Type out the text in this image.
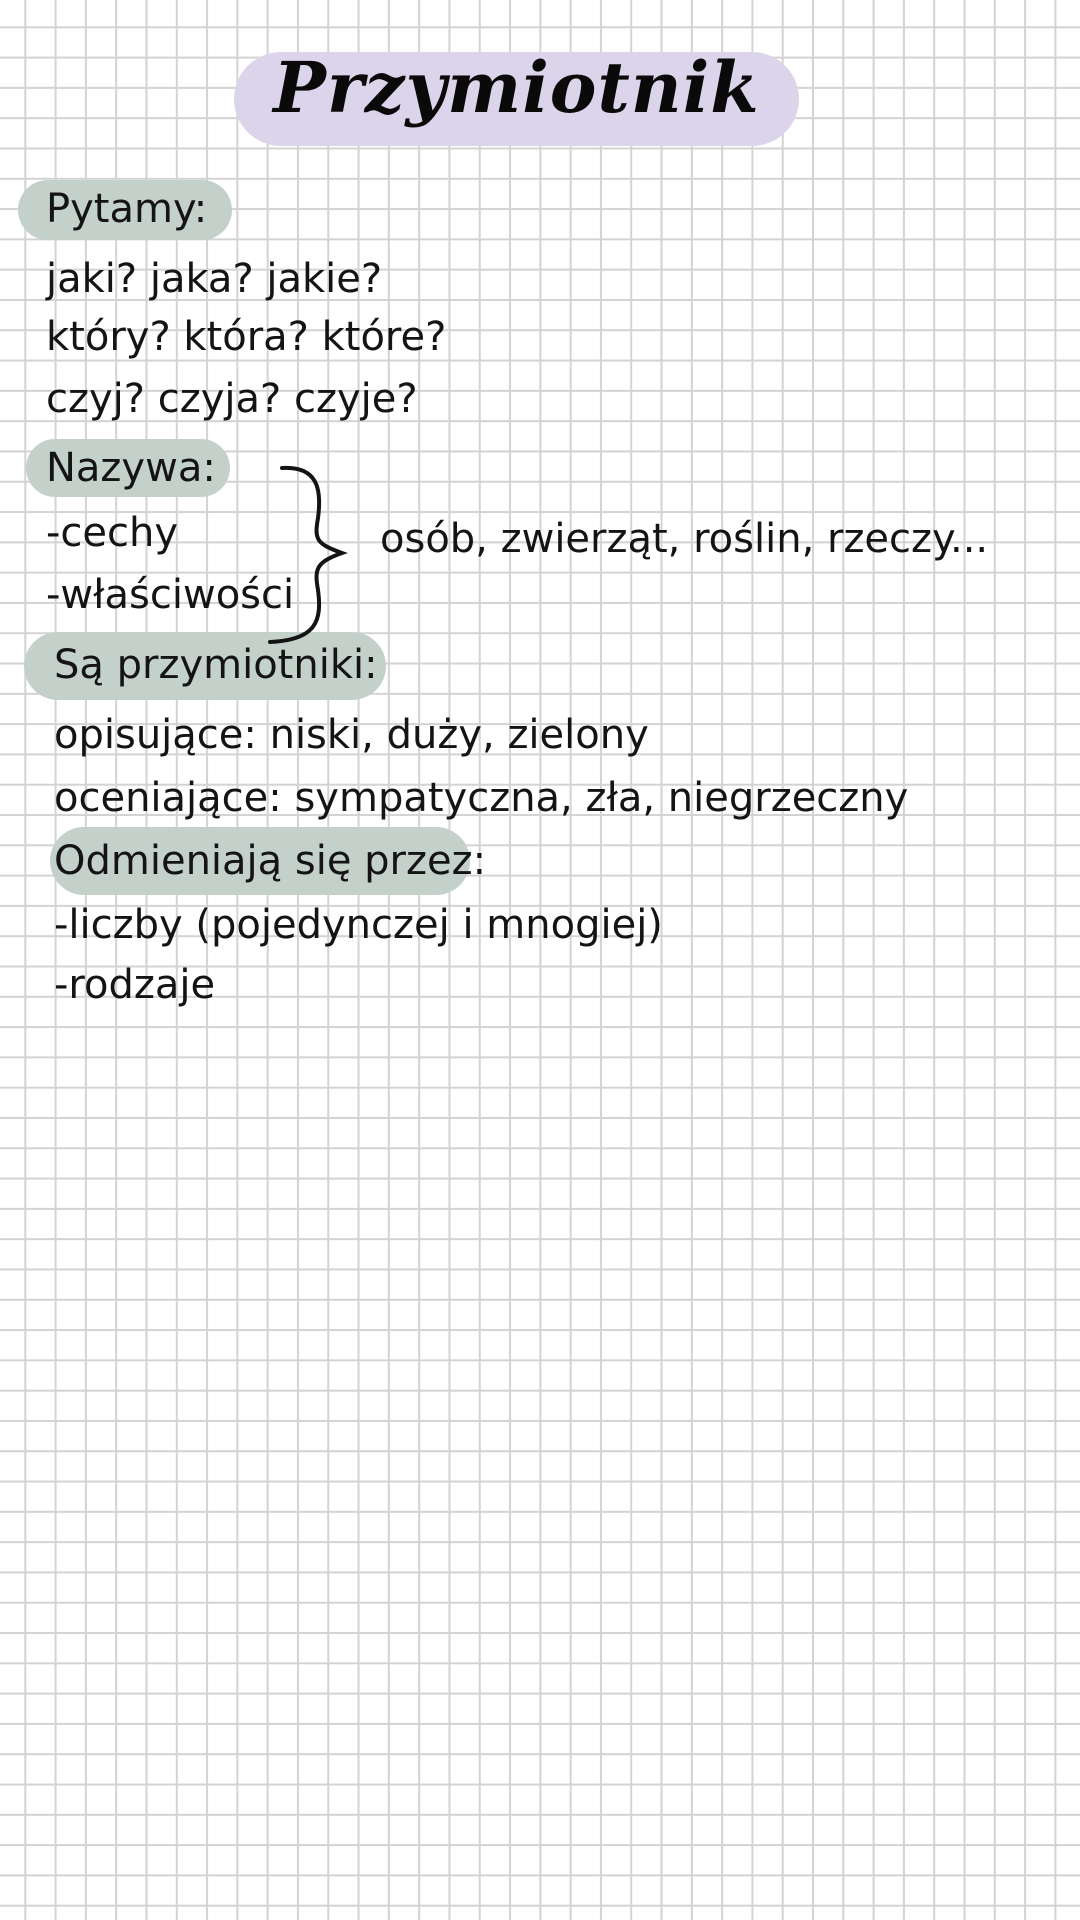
Przymiotnik
Pytamy:
jaki? jaka? jakie?
który? która? które?
czyj? czyja? czyje?
Nazywa:
-cechy
-właściwości
osób, zwierząt, roślin, rzeczy...
Są przymiotniki:
opisujące: niski, duży, zielony
oceniające: sympatyczna, zła, niegrzeczny
Odmieniają się przez:
-liczby (pojedynczej i mnogiej)
-rodzaje
